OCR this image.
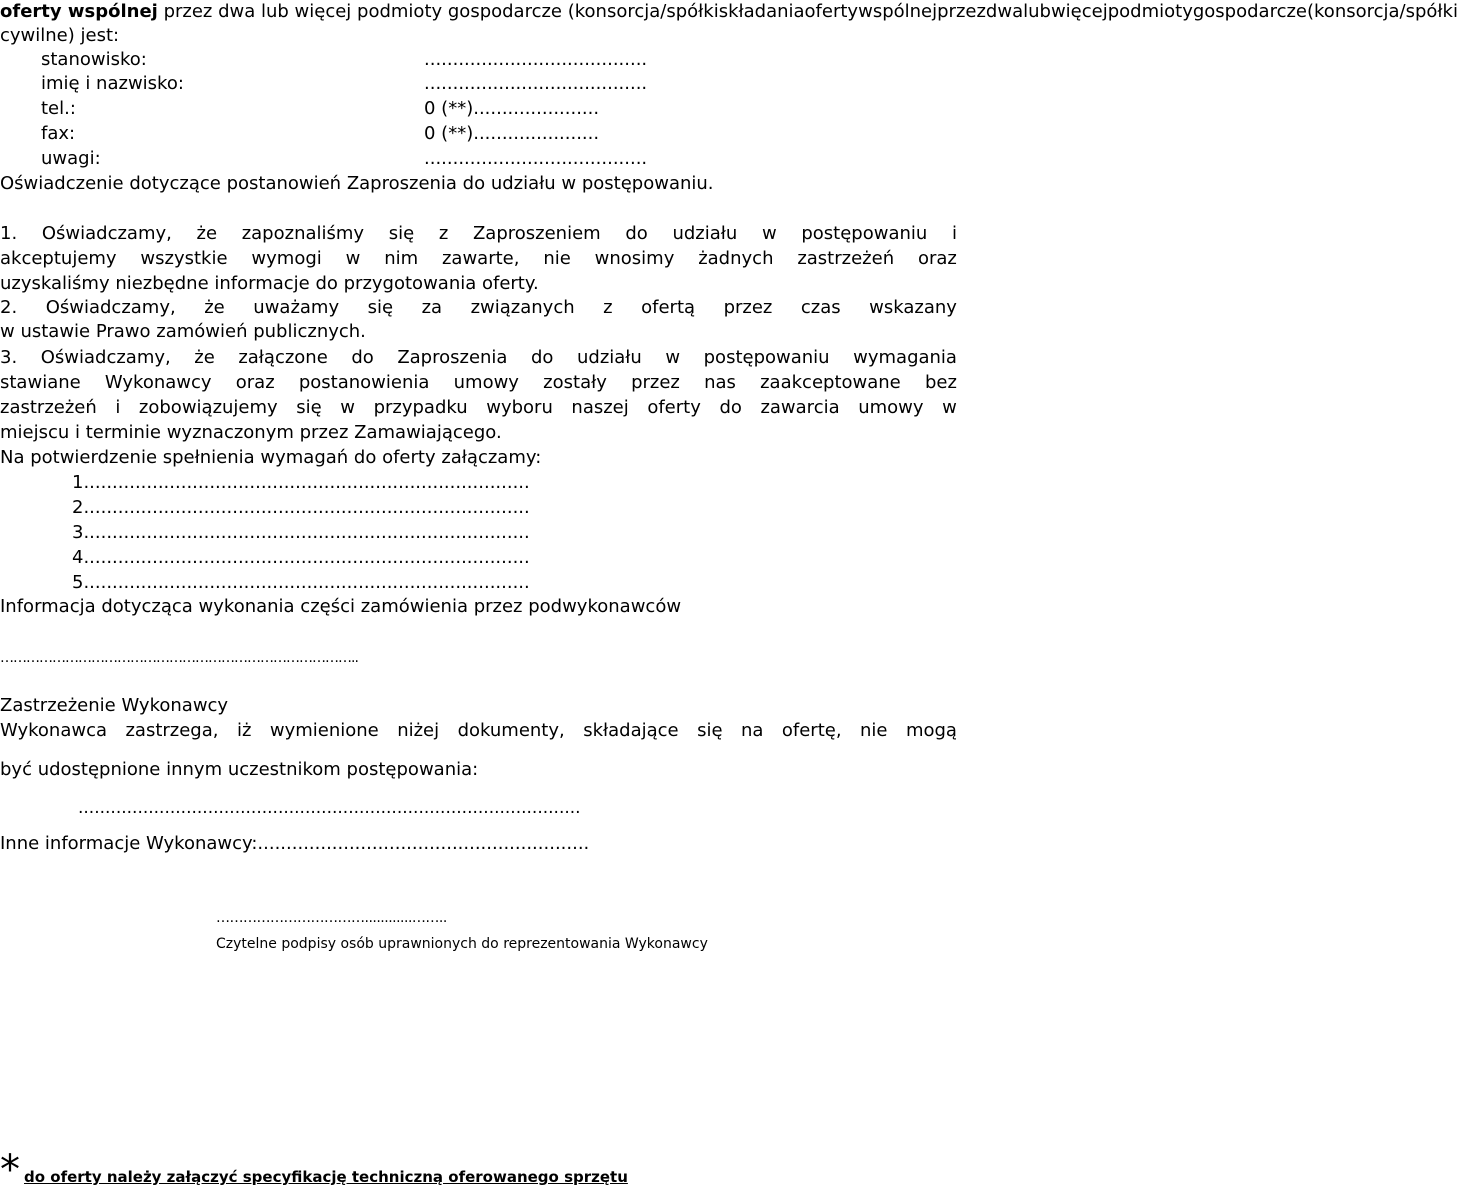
oferty wspólnej przez dwa lub więcej podmioty gospodarcze (konsorcja/spółki składania oferty wspólnej przez dwa lub więcej podmioty gospodarcze (konsorcja/spółki
cywilne) jest:
stanowisko:	.......................................
imię i nazwisko:	.......................................
tel.:	0 (**)......................
fax:	0 (**)......................
uwagi:	.......................................
Oświadczenie dotyczące postanowień Zaproszenia do udziału w postępowaniu.
1. Oświadczamy, że zapoznaliśmy się z Zaproszeniem do udziału w postępowaniu i
akceptujemy wszystkie wymogi w nim zawarte, nie wnosimy żadnych zastrzeżeń oraz
uzyskaliśmy niezbędne informacje do przygotowania oferty.
2. Oświadczamy, że uważamy się za związanych z ofertą przez czas wskazany
w ustawie Prawo zamówień publicznych.
3. Oświadczamy, że załączone do Zaproszenia do udziału w postępowaniu wymagania
stawiane Wykonawcy oraz postanowienia umowy zostały przez nas zaakceptowane bez
zastrzeżeń i zobowiązujemy się w przypadku wyboru naszej oferty do zawarcia umowy w
miejscu i terminie wyznaczonym przez Zamawiającego.
Na potwierdzenie spełnienia wymagań do oferty załączamy:
1..............................................................................
2..............................................................................
3..............................................................................
4..............................................................................
5..............................................................................
Informacja dotycząca wykonania części zamówienia przez podwykonawców
………………………………………………………………………..
Zastrzeżenie Wykonawcy
Wykonawca zastrzega, iż wymienione niżej dokumenty, składające się na ofertę, nie mogą
być udostępnione innym uczestnikom postępowania:
.............................................................................................
Inne informacje Wykonawcy:..........................................................
……………………………............……..
Czytelne podpisy osób uprawnionych do reprezentowania Wykonawcy
* do oferty należy załączyć specyfikację techniczną oferowanego sprzętu
